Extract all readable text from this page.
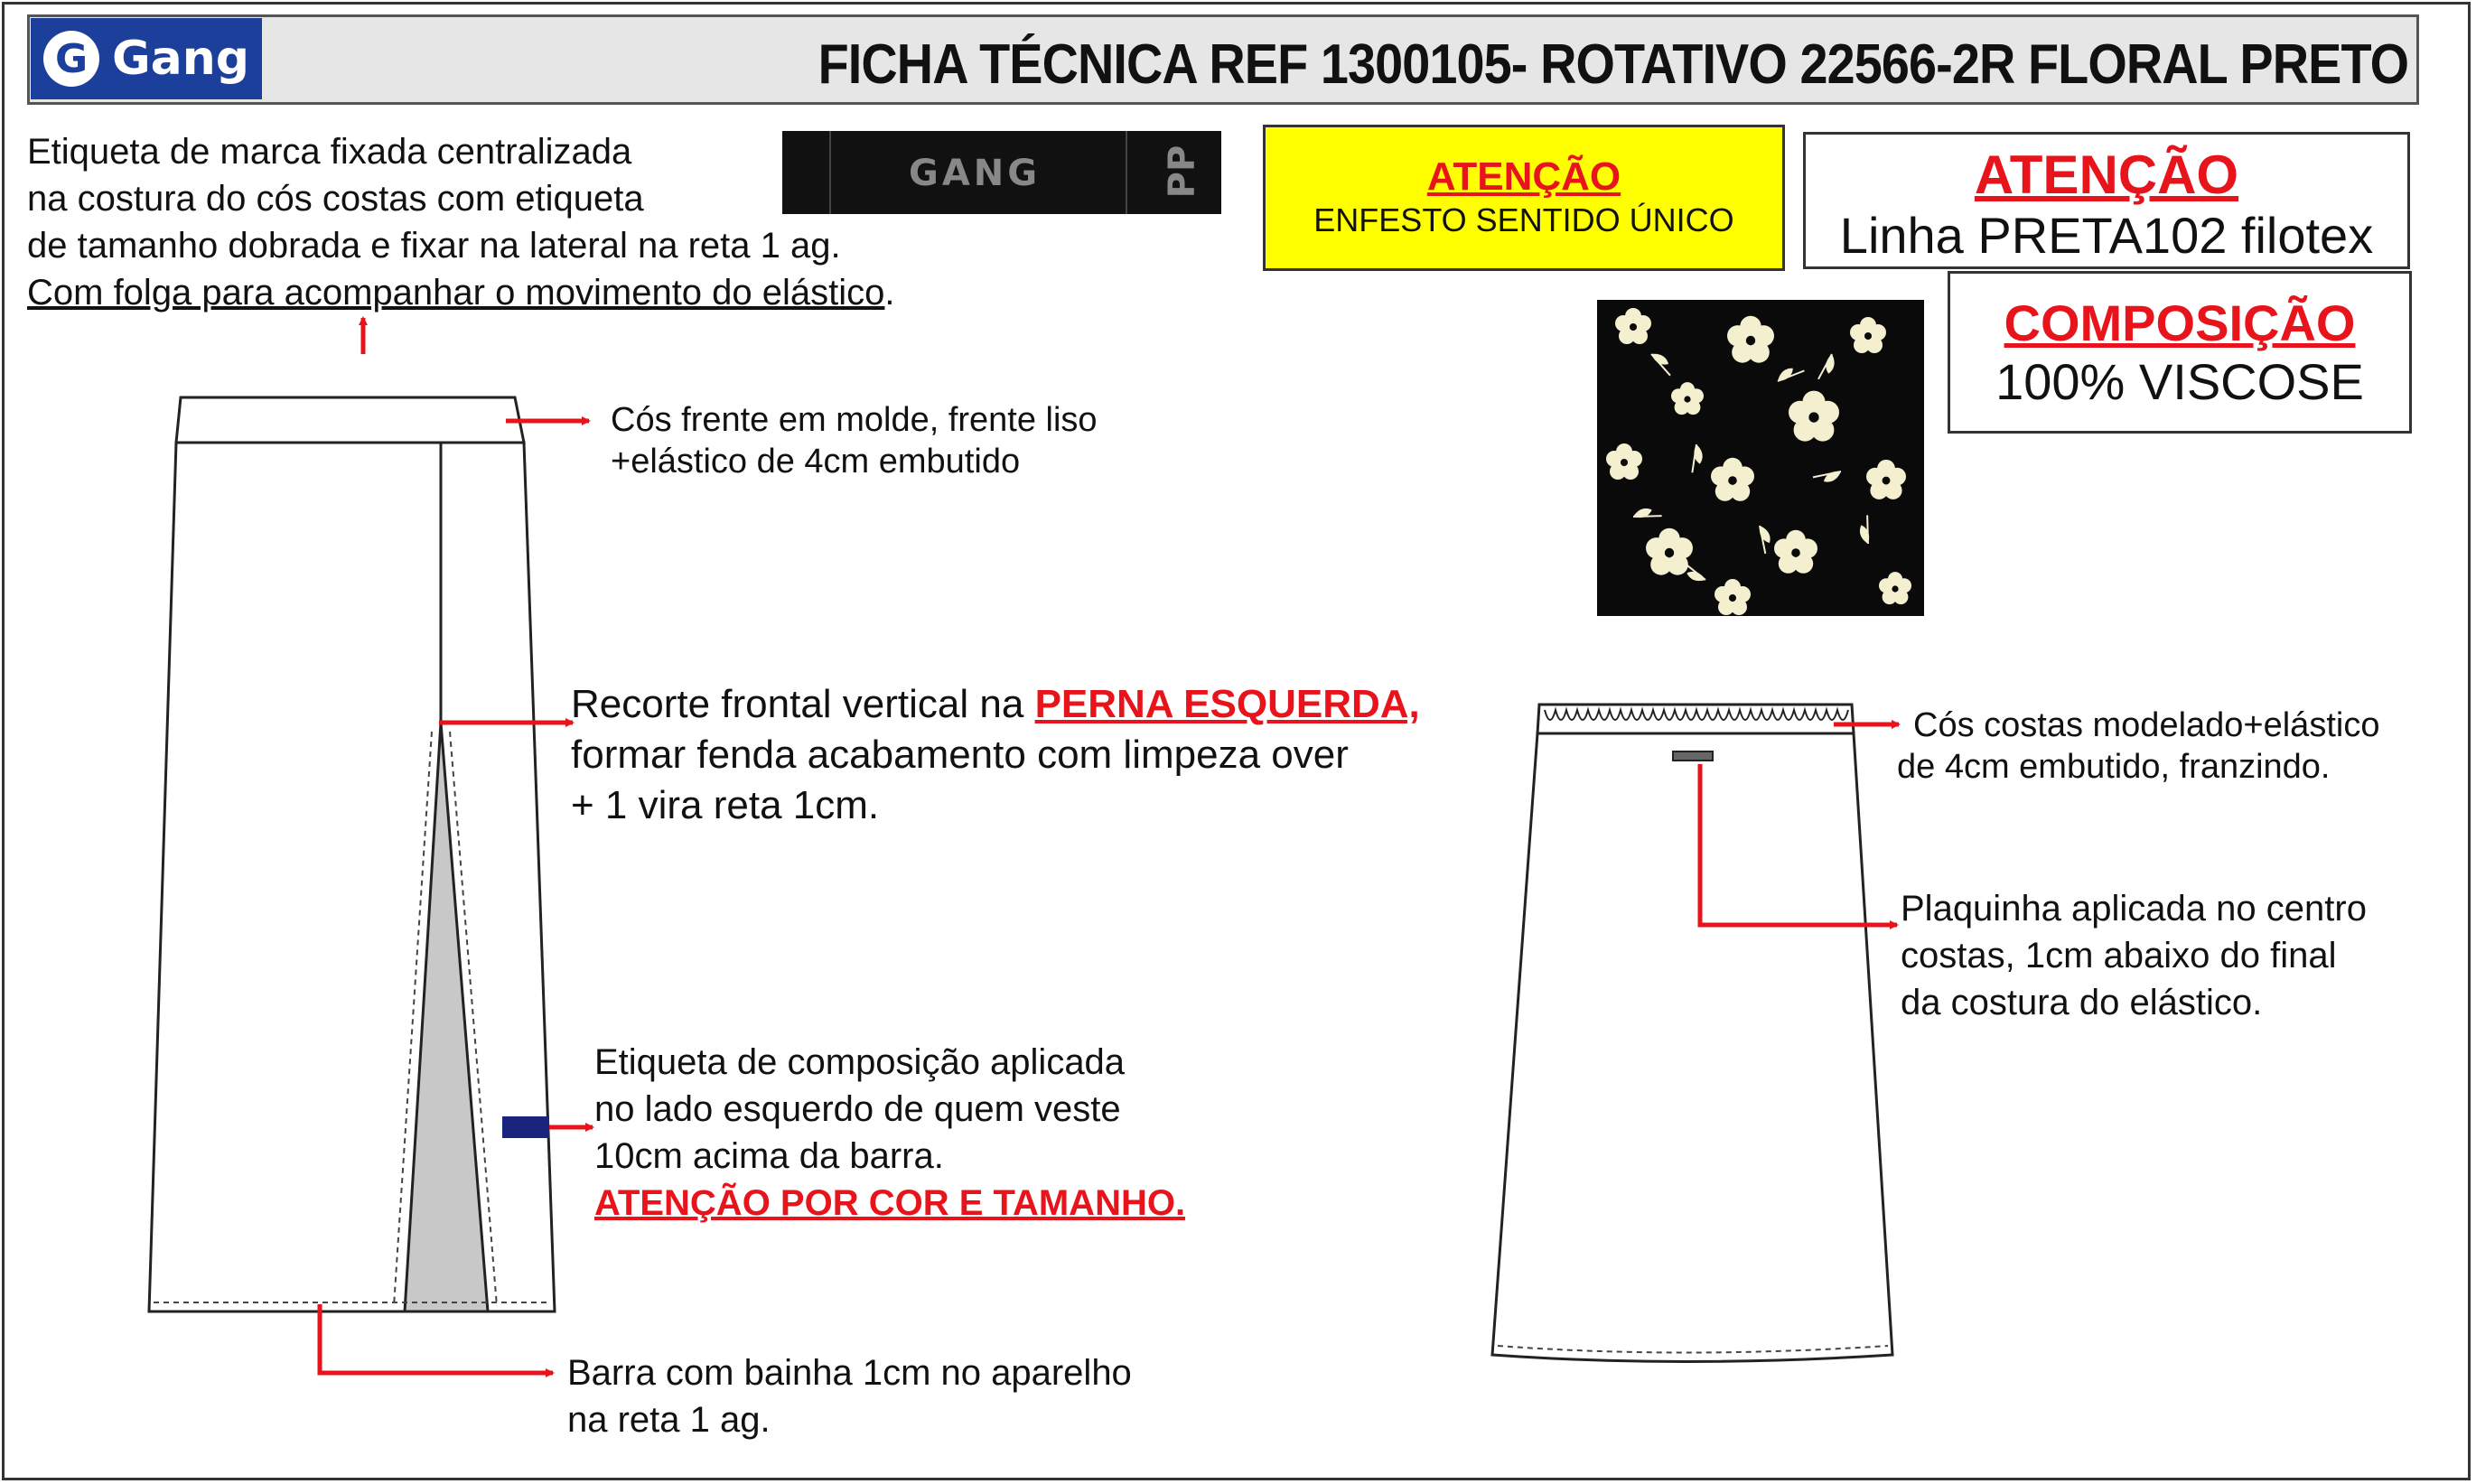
G Gang	FICHA TÉCNICA REF 1300105- ROTATIVO 22566-2R FLORAL PRETO
Etiqueta de marca fixada centralizada
na costura do cós costas com etiqueta
de tamanho dobrada e fixar na lateral na reta 1 ag.
Com folga para acompanhar o movimento do elástico.
GANG	PP	ATENÇÃO
ENFESTO SENTIDO ÚNICO
ATENÇÃO
Linha PRETA102 filotex
COMPOSIÇÃO
100% VISCOSE
Cós frente em molde, frente liso
+elástico de 4cm embutido
Recorte frontal vertical na PERNA ESQUERDA,
formar fenda acabamento com limpeza over
+ 1 vira reta 1cm.
Etiqueta de composição aplicada
no lado esquerdo de quem veste
10cm acima da barra.
ATENÇÃO POR COR E TAMANHO.
Barra com bainha 1cm no aparelho
na reta 1 ag.
Cós costas modelado+elástico
de 4cm embutido, franzindo.
Plaquinha aplicada no centro
costas, 1cm abaixo do final
da costura do elástico.
